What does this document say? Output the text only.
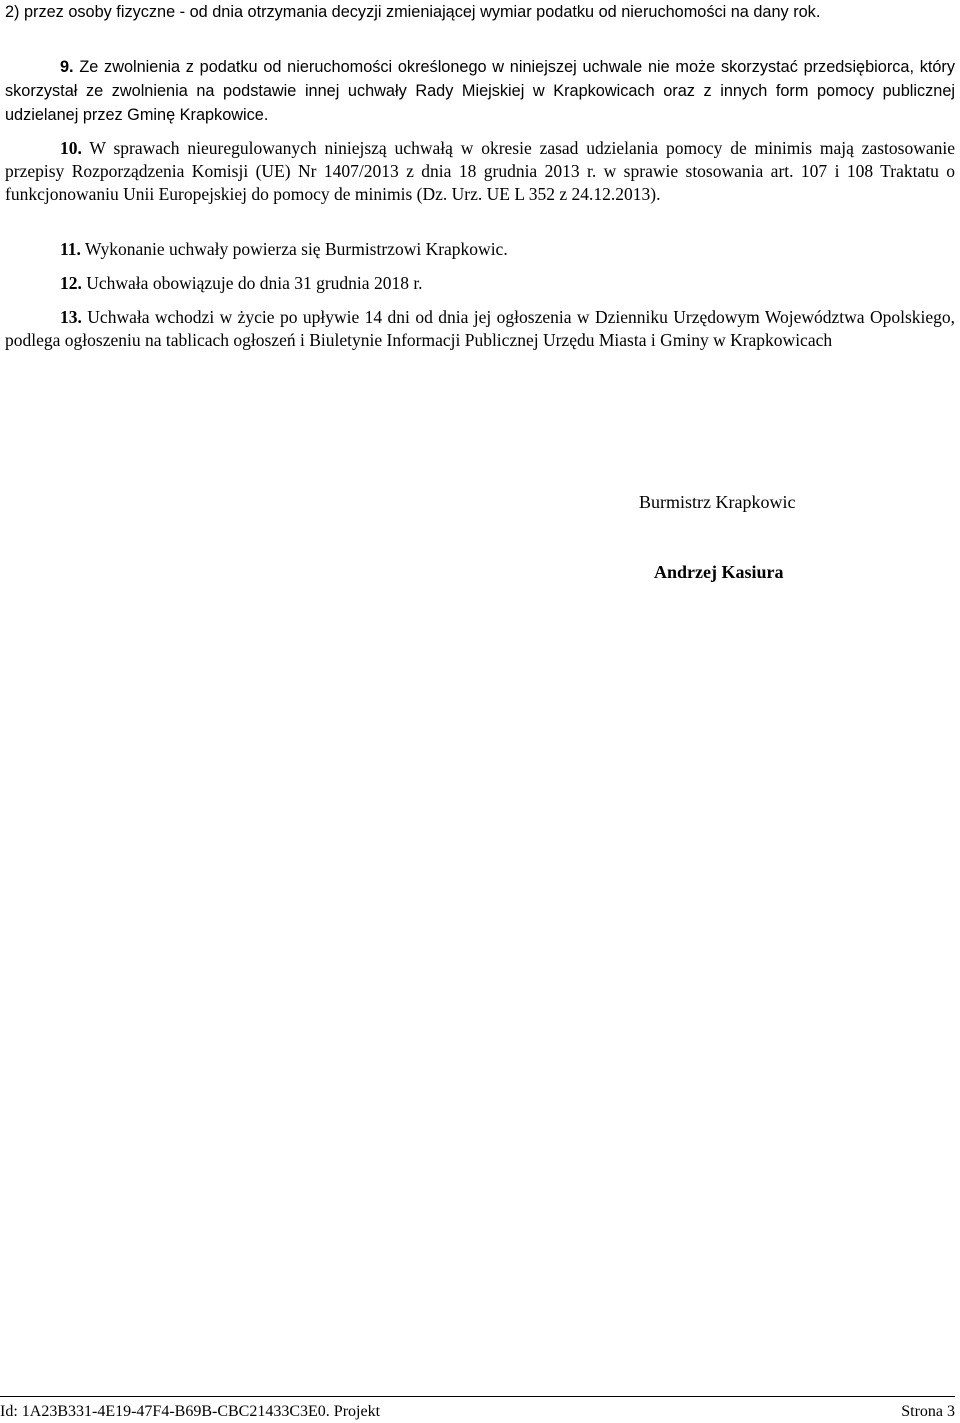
2) przez osoby fizyczne - od dnia otrzymania decyzji zmieniającej wymiar podatku od nieruchomości na dany rok.
9. Ze zwolnienia z podatku od nieruchomości określonego w niniejszej uchwale nie może skorzystać przedsiębiorca, który skorzystał ze zwolnienia na podstawie innej uchwały Rady Miejskiej w Krapkowicach oraz z innych form pomocy publicznej udzielanej przez Gminę Krapkowice.
10. W sprawach nieuregulowanych niniejszą uchwałą w okresie zasad udzielania pomocy de minimis mają zastosowanie przepisy Rozporządzenia Komisji (UE) Nr 1407/2013 z dnia 18 grudnia 2013 r. w sprawie stosowania art. 107 i 108 Traktatu o funkcjonowaniu Unii Europejskiej do pomocy de minimis (Dz. Urz. UE L 352 z 24.12.2013).
11. Wykonanie uchwały powierza się Burmistrzowi Krapkowic.
12. Uchwała obowiązuje do dnia 31 grudnia 2018 r.
13. Uchwała wchodzi w życie po upływie 14 dni od dnia jej ogłoszenia w Dzienniku Urzędowym Województwa Opolskiego, podlega ogłoszeniu na tablicach ogłoszeń i Biuletynie Informacji Publicznej Urzędu Miasta i Gminy w Krapkowicach
Burmistrz Krapkowic
Andrzej Kasiura
Id: 1A23B331-4E19-47F4-B69B-CBC21433C3E0. Projekt	Strona 3
